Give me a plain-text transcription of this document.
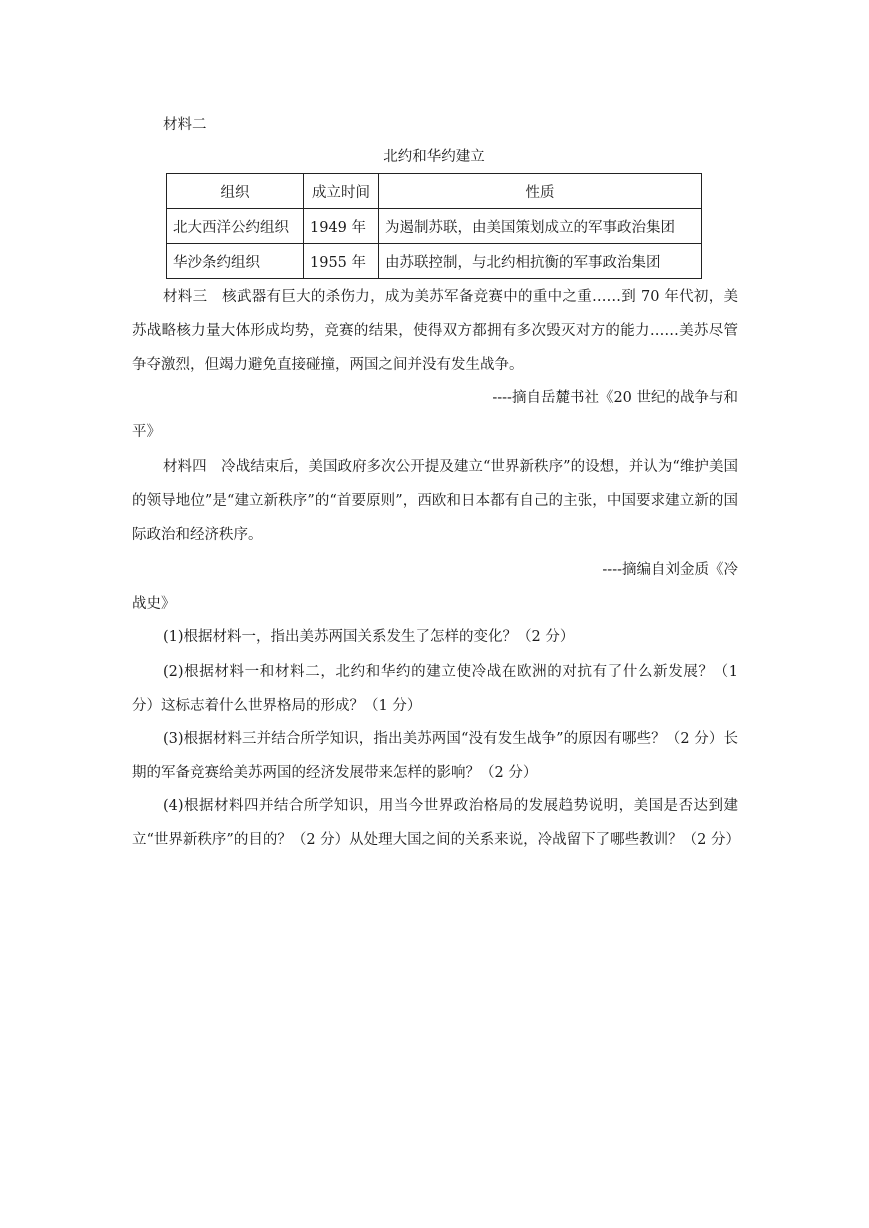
材料二
北约和华约建立
组织	成立时间	性质
北大西洋公约组织	1949 年	为遏制苏联，由美国策划成立的军事政治集团
华沙条约组织	1955 年	由苏联控制，与北约相抗衡的军事政治集团
材料三　核武器有巨大的杀伤力，成为美苏军备竞赛中的重中之重……到 70 年代初，美苏战略核力量大体形成均势，竞赛的结果，使得双方都拥有多次毁灭对方的能力……美苏尽管争夺激烈，但竭力避免直接碰撞，两国之间并没有发生战争。
----摘自岳麓书社《20 世纪的战争与和
平》
材料四　冷战结束后，美国政府多次公开提及建立“世界新秩序”的设想，并认为“维护美国的领导地位”是“建立新秩序”的“首要原则”，西欧和日本都有自己的主张，中国要求建立新的国际政治和经济秩序。
----摘编自刘金质《冷
战史》
(1)根据材料一，指出美苏两国关系发生了怎样的变化？（2 分）
(2)根据材料一和材料二，北约和华约的建立使冷战在欧洲的对抗有了什么新发展？（1 分）这标志着什么世界格局的形成？（1 分）
(3)根据材料三并结合所学知识，指出美苏两国“没有发生战争”的原因有哪些？（2 分）长期的军备竞赛给美苏两国的经济发展带来怎样的影响？（2 分）
(4)根据材料四并结合所学知识，用当今世界政治格局的发展趋势说明，美国是否达到建立“世界新秩序”的目的？（2 分）从处理大国之间的关系来说，冷战留下了哪些教训？（2 分）
